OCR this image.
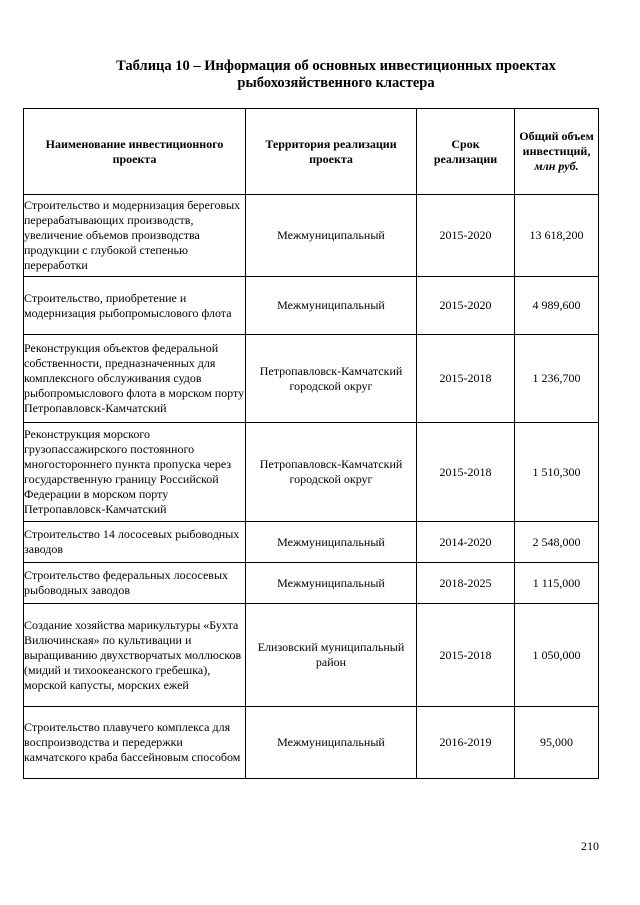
Таблица 10 – Информация об основных инвестиционных проектах
рыбохозяйственного кластера
Наименование инвестиционного проекта	Территория реализации проекта	Срок реализации	Общий объем инвестиций,
млн руб.

Строительство и модернизация береговых перерабатывающих производств, увеличение объемов производства продукции с глубокой степенью переработки	Межмуниципальный	2015-2020	13 618,200
Строительство, приобретение и модернизация рыбопромыслового флота	Межмуниципальный	2015-2020	4 989,600
Реконструкция объектов федеральной собственности, предназначенных для комплексного обслуживания судов рыбопромыслового флота в морском порту Петропавловск-Камчатский	Петропавловск-Камчатский городской округ	2015-2018	1 236,700
Реконструкция морского грузопассажирского постоянного многостороннего пункта пропуска через государственную границу Российской Федерации в морском порту Петропавловск-Камчатский	Петропавловск-Камчатский городской округ	2015-2018	1 510,300
Строительство 14 лососевых рыбоводных заводов	Межмуниципальный	2014-2020	2 548,000
Строительство федеральных лососевых рыбоводных заводов	Межмуниципальный	2018-2025	1 115,000
Создание хозяйства марикультуры «Бухта Вилючинская» по культивации и выращиванию двухстворчатых моллюсков (мидий и тихоокеанского гребешка), морской капусты, морских ежей	Елизовский муниципальный район	2015-2018	1 050,000
Строительство плавучего комплекса для воспроизводства и передержки камчатского краба бассейновым способом	Межмуниципальный	2016-2019	95,000
210
